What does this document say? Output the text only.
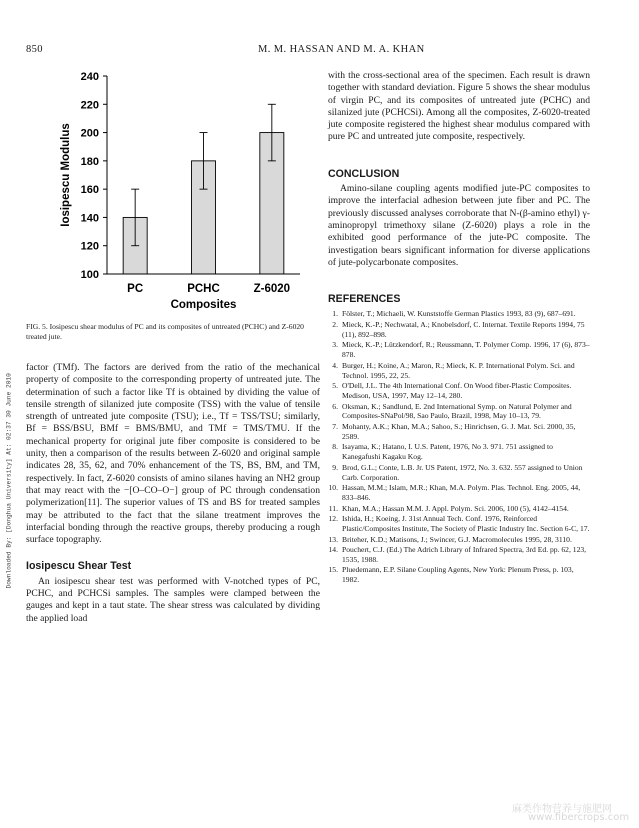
850	M. M. HASSAN AND M. A. KHAN
Downloaded By: [Donghua University] At: 02:37 30 June 2010
240
220
200
180
160
140
120
100
PC	PCHC	Z-6020
Iosipescu Modulus
Composites
FIG. 5. Iosipescu shear modulus of PC and its composites of untreated (PCHC) and Z-6020 treated jute.

factor (TMf). The factors are derived from the ratio of the mechanical property of composite to the corresponding property of untreated jute. The determination of such a factor like Tf is obtained by dividing the value of tensile strength of silanized jute composite (TSS) with the value of tensile strength of untreated jute composite (TSU); i.e., Tf = TSS/TSU; similarly, Bf = BSS/BSU, BMf = BMS/BMU, and TMf = TMS/TMU. If the mechanical property for original jute fiber composite is considered to be unity, then a comparison of the results between Z-6020 and original sample indicates 28, 35, 62, and 70% enhancement of the TS, BS, BM, and TM, respectively. In fact, Z-6020 consists of amino silanes having an NH2 group that may react with the −[O–CO–O−] group of PC through condensation polymerization[11]. The superior values of TS and BS for treated samples may be attributed to the fact that the silane treatment improves the interfacial bonding through the reactive groups, thereby producing a rough surface topography.

Iosipescu Shear Test

An iosipescu shear test was performed with V-notched types of PC, PCHC, and PCHCSi samples. The samples were clamped between the gauges and kept in a taut state. The shear stress was calculated by dividing the applied load

with the cross-sectional area of the specimen. Each result is drawn together with standard deviation. Figure 5 shows the shear modulus of virgin PC, and its composites of untreated jute (PCHC) and silanized jute (PCHCSi). Among all the composites, Z-6020-treated jute composite registered the highest shear modulus compared with pure PC and untreated jute composite, respectively.

CONCLUSION

Amino-silane coupling agents modified jute-PC composites to improve the interfacial adhesion between jute fiber and PC. The previously discussed analyses corroborate that N-(β-amino ethyl) γ-aminopropyl trimethoxy silane (Z-6020) plays a role in the exhibited good performance of the jute-PC composite. The investigation bears significant information for diverse applications of jute-polycarbonate composites.

REFERENCES
1. Fölster, T.; Michaeli, W. Kunststoffe German Plastics 1993, 83 (9), 687–691.
2. Mieck, K.-P.; Nechwatal, A.; Knobelsdorf, C. Internat. Textile Reports 1994, 75 (11), 892–898.
3. Mieck, K.-P.; Lützkendorf, R.; Reussmann, T. Polymer Comp. 1996, 17 (6), 873–878.
4. Burger, H.; Koine, A.; Maron, R.; Mieck, K. P. International Polym. Sci. and Technol. 1995, 22, 25.
5. O'Dell, J.L. The 4th International Conf. On Wood fiber-Plastic Composites. Medison, USA, 1997, May 12–14, 280.
6. Oksman, K.; Sandlund, E. 2nd International Symp. on Natural Polymer and Composites-SNaPol/98, Sao Paulo, Brazil, 1998, May 10–13, 79.
7. Mohanty, A.K.; Khan, M.A.; Sahoo, S.; Hinrichsen, G. J. Mat. Sci. 2000, 35, 2589.
8. Isayama, K.; Hatano, I. U.S. Patent, 1976, No 3. 971. 751 assigned to Kanegafushi Kagaku Kog.
9. Brod, G.L.; Conte, L.B. Jr. US Patent, 1972, No. 3. 632. 557 assigned to Union Carb. Corporation.
10. Hassan, M.M.; Islam, M.R.; Khan, M.A. Polym. Plas. Technol. Eng. 2005, 44, 833–846.
11. Khan, M.A.; Hassan M.M. J. Appl. Polym. Sci. 2006, 100 (5), 4142–4154.
12. Ishida, H.; Koeing, J. 31st Annual Tech. Conf. 1976, Reinforced Plastic/Composites Institute, The Society of Plastic Industry Inc. Section 6-C, 17.
13. Briteher, K.D.; Matisons, J.; Swincer, G.J. Macromolecules 1995, 28, 3110.
14. Pouchert, C.J. (Ed.) The Adrich Library of Infrared Spectra, 3rd Ed. pp. 62, 123, 1535, 1988.
15. Pluedemann, E.P. Silane Coupling Agents, New York: Plenum Press, p. 103, 1982.
麻类作物营养与施肥网
www.fibercrops.com
